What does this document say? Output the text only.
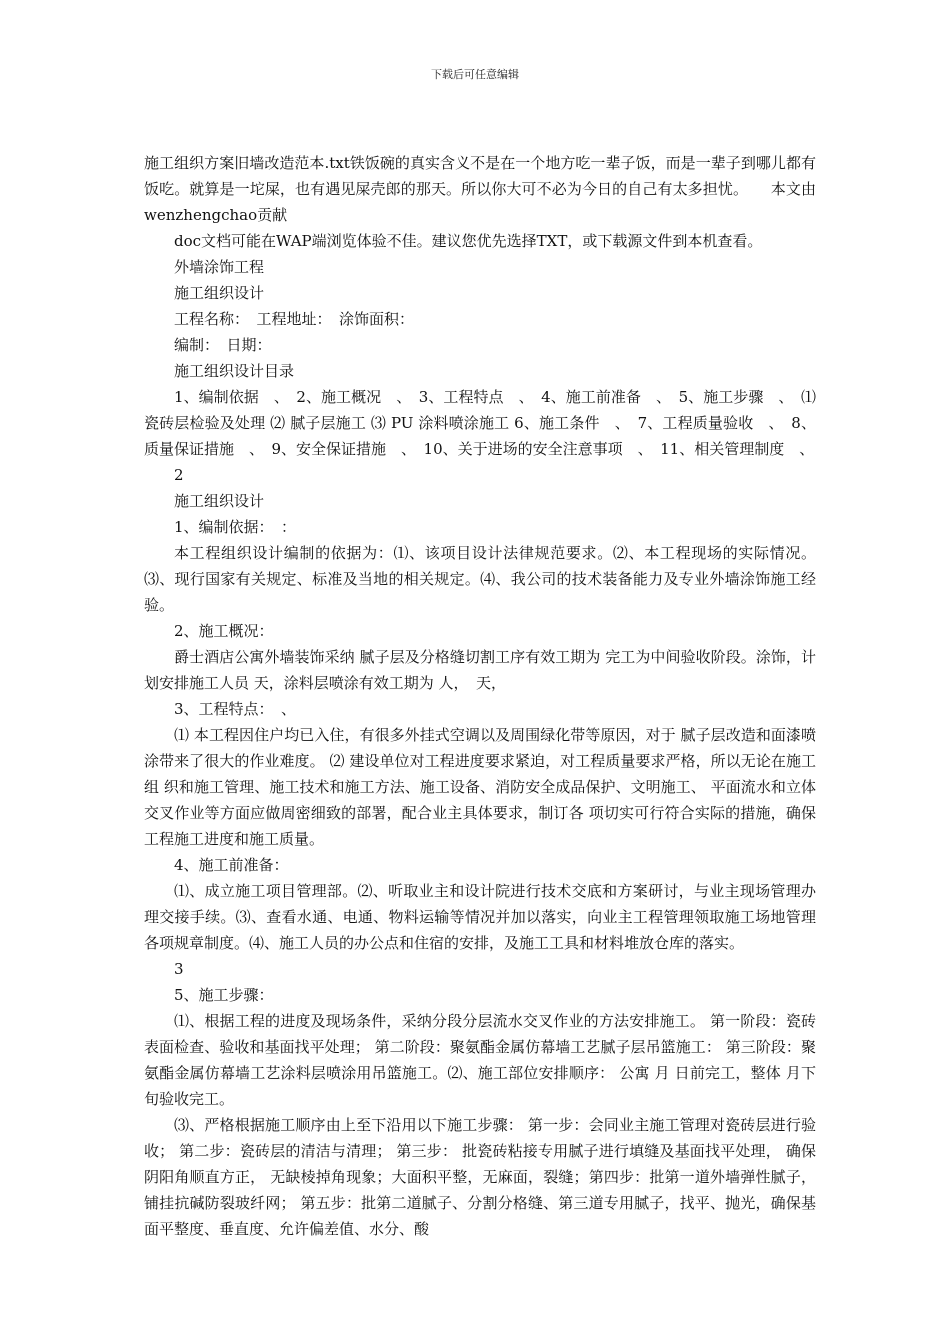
下载后可任意编辑

施工组织方案旧墙改造范本.txt铁饭碗的真实含义不是在一个地方吃一辈子饭，而是一辈子到哪儿都有饭吃。就算是一坨屎，也有遇见屎壳郎的那天。所以你大可不必为今日的自己有太多担忧。　　本文由wenzhengchao贡献

doc文档可能在WAP端浏览体验不佳。建议您优先选择TXT，或下载源文件到本机查看。

外墙涂饰工程

施工组织设计

工程名称：　工程地址：　涂饰面积：

编制：　日期：

施工组织设计目录

1、编制依据　、　2、施工概况　、　3、工程特点　、　4、施工前准备　、　5、施工步骤　、　⑴ 瓷砖层检验及处理 ⑵ 腻子层施工 ⑶ PU 涂料喷涂施工 6、施工条件　、　7、工程质量验收　、　8、质量保证措施　、　9、安全保证措施　、　10、关于进场的安全注意事项　、　11、相关管理制度　、

2

施工组织设计

1、编制依据：　：

本工程组织设计编制的依据为：⑴、该项目设计法律规范要求。⑵、本工程现场的实际情况。⑶、现行国家有关规定、标准及当地的相关规定。⑷、我公司的技术装备能力及专业外墙涂饰施工经验。

2、施工概况：

爵士酒店公寓外墙装饰采纳 腻子层及分格缝切割工序有效工期为 完工为中间验收阶段。涂饰，计划安排施工人员 天，涂料层喷涂有效工期为 人，　天，

3、工程特点：　、

⑴ 本工程因住户均已入住，有很多外挂式空调以及周围绿化带等原因，对于 腻子层改造和面漆喷涂带来了很大的作业难度。 ⑵ 建设单位对工程进度要求紧迫，对工程质量要求严格，所以无论在施工组 织和施工管理、施工技术和施工方法、施工设备、消防安全成品保护、文明施工、 平面流水和立体交叉作业等方面应做周密细致的部署，配合业主具体要求，制订各 项切实可行符合实际的措施，确保工程施工进度和施工质量。

4、施工前准备：

⑴、成立施工项目管理部。⑵、听取业主和设计院进行技术交底和方案研讨，与业主现场管理办理交接手续。⑶、查看水通、电通、物料运输等情况并加以落实，向业主工程管理领取施工场地管理 各项规章制度。⑷、施工人员的办公点和住宿的安排，及施工工具和材料堆放仓库的落实。

3

5、施工步骤：

⑴、根据工程的进度及现场条件，采纳分段分层流水交叉作业的方法安排施工。 第一阶段：瓷砖表面检查、验收和基面找平处理； 第二阶段：聚氨酯金属仿幕墙工艺腻子层吊篮施工： 第三阶段：聚氨酯金属仿幕墙工艺涂料层喷涂用吊篮施工。⑵、施工部位安排顺序： 公寓 月 日前完工，整体 月下旬验收完工。

⑶、严格根据施工顺序由上至下沿用以下施工步骤： 第一步：会同业主施工管理对瓷砖层进行验收； 第二步：瓷砖层的清洁与清理； 第三步： 批瓷砖粘接专用腻子进行填缝及基面找平处理， 确保阴阳角顺直方正， 无缺棱掉角现象；大面积平整，无麻面，裂缝；第四步：批第一道外墙弹性腻子，铺挂抗碱防裂玻纤网； 第五步：批第二道腻子、分割分格缝、第三道专用腻子，找平、抛光，确保基 面平整度、垂直度、允许偏差值、水分、酸
